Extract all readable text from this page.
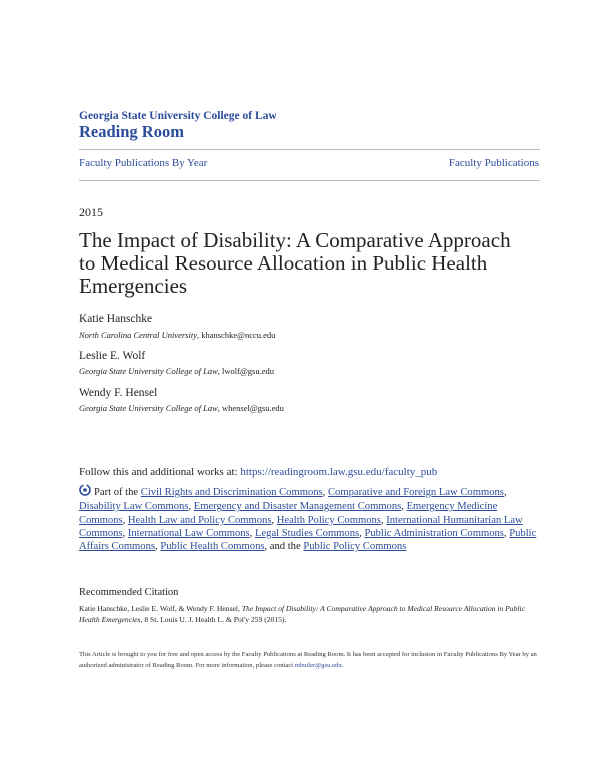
Georgia State University College of Law
Reading Room
Faculty Publications By Year	Faculty Publications
2015
The Impact of Disability: A Comparative Approach
to Medical Resource Allocation in Public Health
Emergencies
Katie Hanschke
North Carolina Central University, khanschke@nccu.edu
Leslie E. Wolf
Georgia State University College of Law, lwolf@gsu.edu
Wendy F. Hensel
Georgia State University College of Law, whensel@gsu.edu
Follow this and additional works at: https://readingroom.law.gsu.edu/faculty_pub
Part of the Civil Rights and Discrimination Commons, Comparative and Foreign Law Commons, Disability Law Commons, Emergency and Disaster Management Commons, Emergency Medicine Commons, Health Law and Policy Commons, Health Policy Commons, International Humanitarian Law Commons, International Law Commons, Legal Studies Commons, Public Administration Commons, Public Affairs Commons, Public Health Commons, and the Public Policy Commons
Recommended Citation
Katie Hanschke, Leslie E. Wolf, & Wendy F. Hensel, The Impact of Disability: A Comparative Approach to Medical Resource Allocation in Public Health Emergencies, 8 St. Louis U. J. Health L. & Pol'y 259 (2015).
This Article is brought to you for free and open access by the Faculty Publications at Reading Room. It has been accepted for inclusion in Faculty Publications By Year by an authorized administrator of Reading Room. For more information, please contact mbutler@gsu.edu.
